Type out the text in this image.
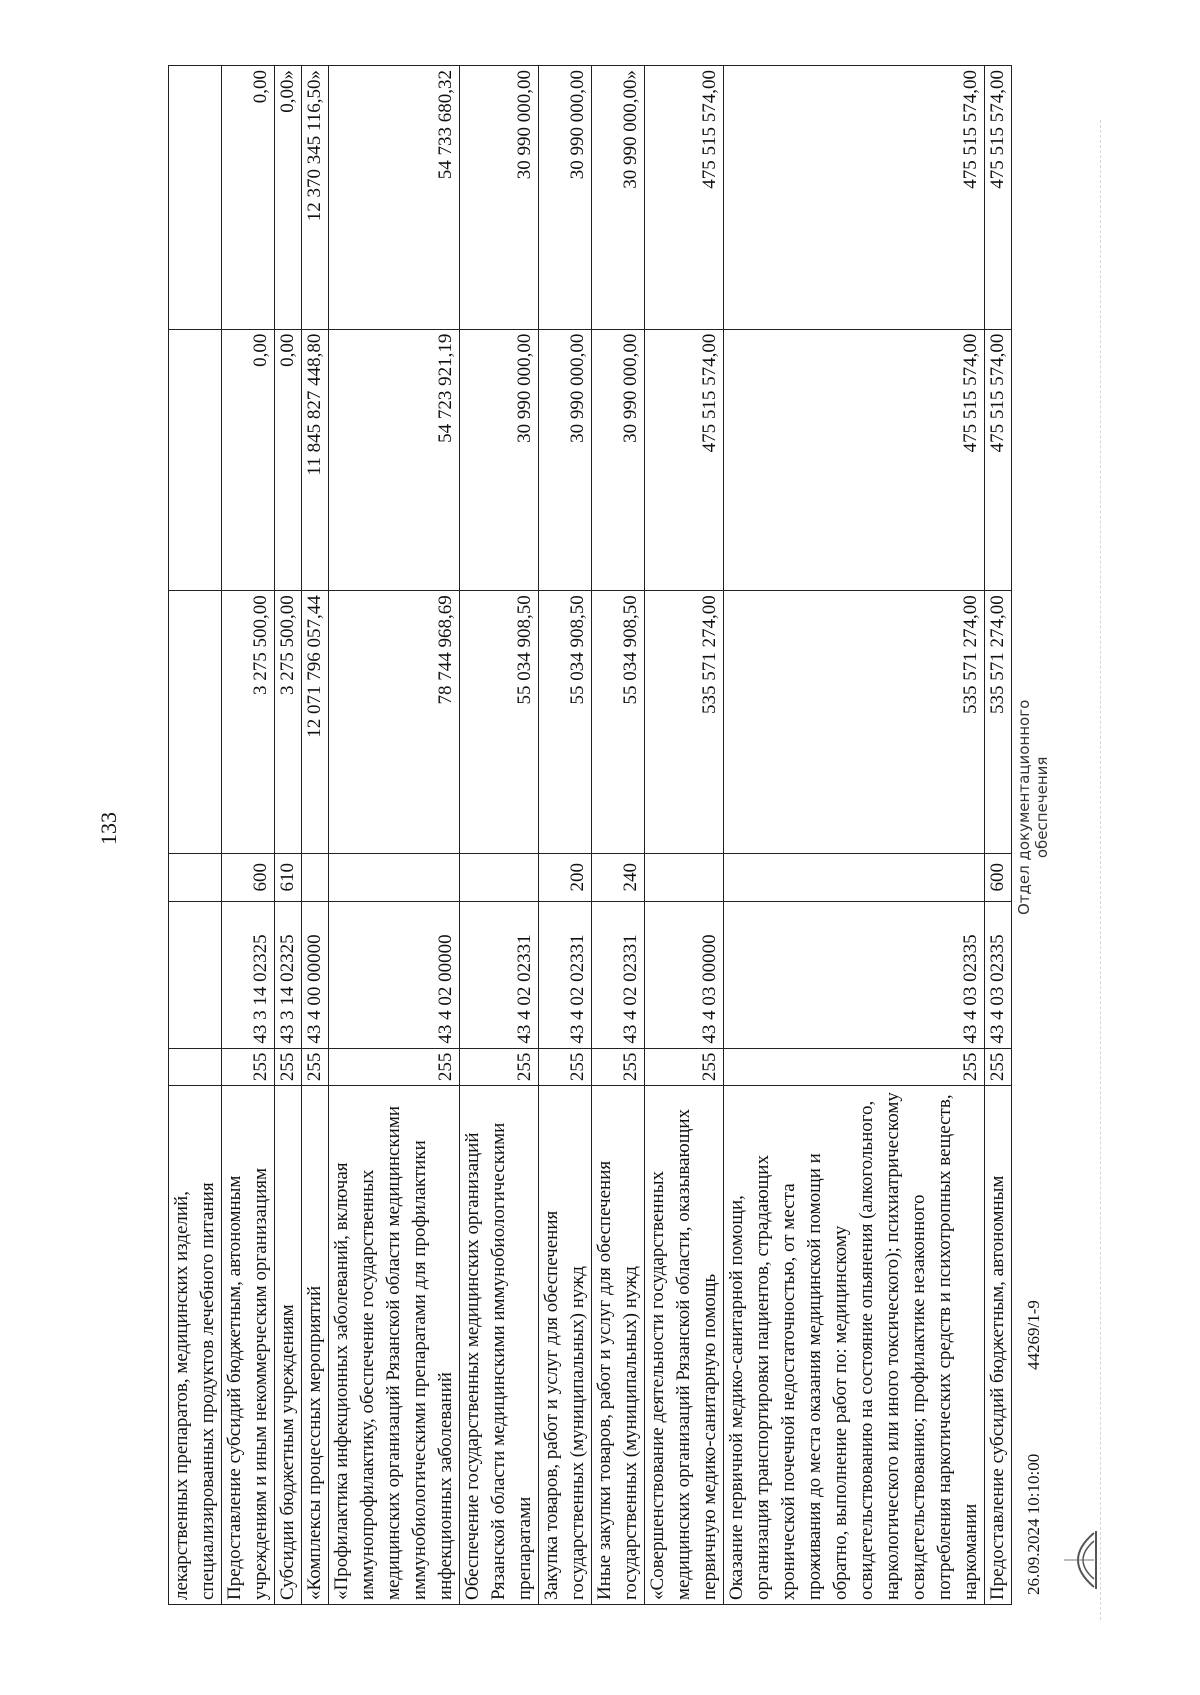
133
лекарственных препаратов, медицинских изделий, специализированных продуктов лечебного питания						
Предоставление субсидий бюджетным, автономным учреждениям и иным некоммерческим организациям	255	43 3 14 02325	600	3 275 500,00	0,00	0,00
Субсидии бюджетным учреждениям	255	43 3 14 02325	610	3 275 500,00	0,00	0,00»
«Комплексы процессных мероприятий	255	43 4 00 00000		12 071 796 057,44	11 845 827 448,80	12 370 345 116,50»
«Профилактика инфекционных заболеваний, включая иммунопрофилактику, обеспечение государственных медицинских организаций Рязанской области медицинскими иммунобиологическими препаратами для профилактики инфекционных заболеваний	255	43 4 02 00000		78 744 968,69	54 723 921,19	54 733 680,32
Обеспечение государственных медицинских организаций Рязанской области медицинскими иммунобиологическими препаратами	255	43 4 02 02331		55 034 908,50	30 990 000,00	30 990 000,00
Закупка товаров, работ и услуг для обеспечения государственных (муниципальных) нужд	255	43 4 02 02331	200	55 034 908,50	30 990 000,00	30 990 000,00
Иные закупки товаров, работ и услуг для обеспечения государственных (муниципальных) нужд	255	43 4 02 02331	240	55 034 908,50	30 990 000,00	30 990 000,00»
«Совершенствование деятельности государственных медицинских организаций Рязанской области, оказывающих первичную медико-санитарную помощь	255	43 4 03 00000		535 571 274,00	475 515 574,00	475 515 574,00
Оказание первичной медико-санитарной помощи, организация транспортировки пациентов, страдающих хронической почечной недостаточностью, от места проживания до места оказания медицинской помощи и обратно, выполнение работ по: медицинскому освидетельствованию на состояние опьянения (алкогольного, наркологического или иного токсического); психиатрическому освидетельствованию; профилактике незаконного потребления наркотических средств и психотропных веществ, наркомании	255	43 4 03 02335		535 571 274,00	475 515 574,00	475 515 574,00
Предоставление субсидий бюджетным, автономным	255	43 4 03 02335	600	535 571 274,00	475 515 574,00	475 515 574,00
26.09.2024 10:10:00
44269/1-9
Отдел документационного обеспечения
